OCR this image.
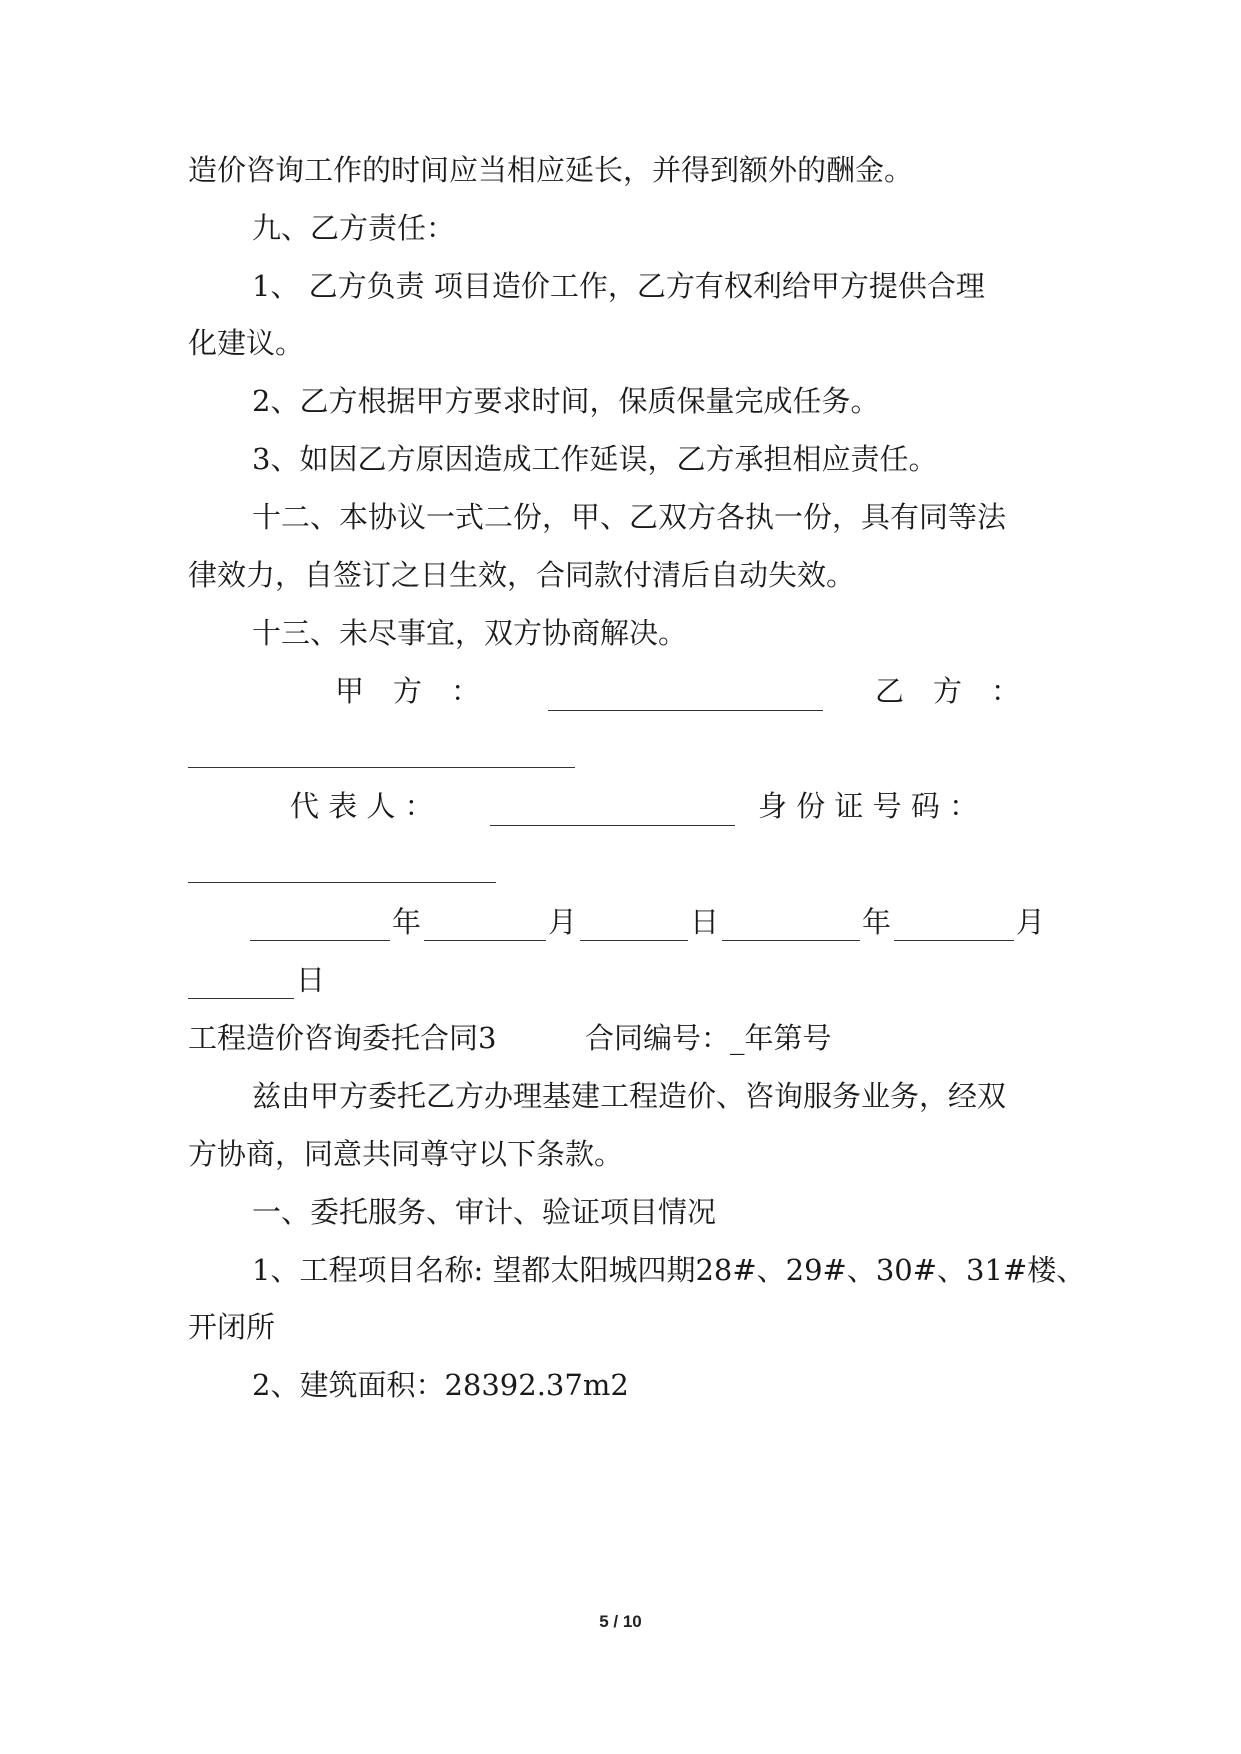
造价咨询工作的时间应当相应延长，并得到额外的酬金。
九、乙方责任：
1、 乙方负责 项目造价工作，乙方有权利给甲方提供合理
化建议。
2、乙方根据甲方要求时间，保质保量完成任务。
3、如因乙方原因造成工作延误，乙方承担相应责任。
十二、本协议一式二份，甲、乙双方各执一份，具有同等法
律效力，自签订之日生效，合同款付清后自动失效。
十三、未尽事宜，双方协商解决。
甲　方　：	乙　方　：
代 表 人 ：	身 份 证 号 码 ：
年	月	日	年	月
日
工程造价咨询委托合同3	合同编号：_年第号
兹由甲方委托乙方办理基建工程造价、咨询服务业务，经双
方协商，同意共同尊守以下条款。
一、委托服务、审计、验证项目情况
1、工程项目名称: 望都太阳城四期28#、29#、30#、31#楼、
开闭所
2、建筑面积：28392.37m2
5 / 10
